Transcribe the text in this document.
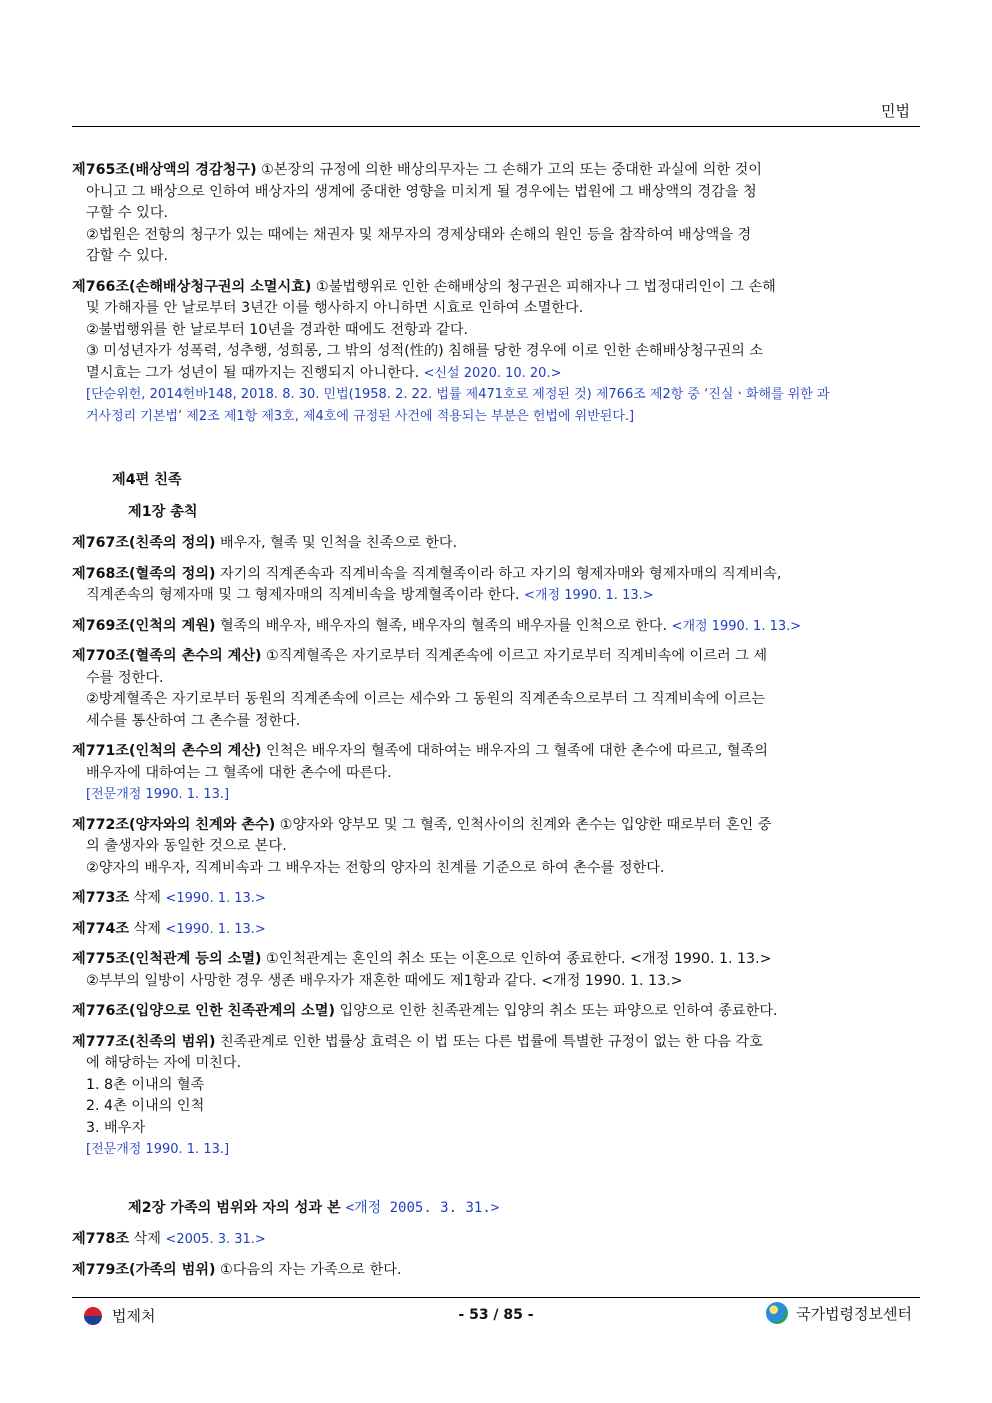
민법
제765조(배상액의 경감청구) ①본장의 규정에 의한 배상의무자는 그 손해가 고의 또는 중대한 과실에 의한 것이
아니고 그 배상으로 인하여 배상자의 생계에 중대한 영향을 미치게 될 경우에는 법원에 그 배상액의 경감을 청
구할 수 있다.
②법원은 전항의 청구가 있는 때에는 채권자 및 채무자의 경제상태와 손해의 원인 등을 참작하여 배상액을 경
감할 수 있다.
제766조(손해배상청구권의 소멸시효) ①불법행위로 인한 손해배상의 청구권은 피해자나 그 법정대리인이 그 손해
및 가해자를 안 날로부터 3년간 이를 행사하지 아니하면 시효로 인하여 소멸한다.
②불법행위를 한 날로부터 10년을 경과한 때에도 전항과 같다.
③ 미성년자가 성폭력, 성추행, 성희롱, 그 밖의 성적(性的) 침해를 당한 경우에 이로 인한 손해배상청구권의 소
멸시효는 그가 성년이 될 때까지는 진행되지 아니한다. <신설 2020. 10. 20.>
[단순위헌, 2014헌바148, 2018. 8. 30. 민법(1958. 2. 22. 법률 제471호로 제정된 것) 제766조 제2항 중 ‘진실ㆍ화해를 위한 과
거사정리 기본법’ 제2조 제1항 제3호, 제4호에 규정된 사건에 적용되는 부분은 헌법에 위반된다.]
제4편 친족
제1장 총칙
제767조(친족의 정의) 배우자, 혈족 및 인척을 친족으로 한다.
제768조(혈족의 정의) 자기의 직계존속과 직계비속을 직계혈족이라 하고 자기의 형제자매와 형제자매의 직계비속,
직계존속의 형제자매 및 그 형제자매의 직계비속을 방계혈족이라 한다. <개정 1990. 1. 13.>
제769조(인척의 계원) 혈족의 배우자, 배우자의 혈족, 배우자의 혈족의 배우자를 인척으로 한다. <개정 1990. 1. 13.>
제770조(혈족의 촌수의 계산) ①직계혈족은 자기로부터 직계존속에 이르고 자기로부터 직계비속에 이르러 그 세
수를 정한다.
②방계혈족은 자기로부터 동원의 직계존속에 이르는 세수와 그 동원의 직계존속으로부터 그 직계비속에 이르는
세수를 통산하여 그 촌수를 정한다.
제771조(인척의 촌수의 계산) 인척은 배우자의 혈족에 대하여는 배우자의 그 혈족에 대한 촌수에 따르고, 혈족의
배우자에 대하여는 그 혈족에 대한 촌수에 따른다.
[전문개정 1990. 1. 13.]
제772조(양자와의 친계와 촌수) ①양자와 양부모 및 그 혈족, 인척사이의 친계와 촌수는 입양한 때로부터 혼인 중
의 출생자와 동일한 것으로 본다.
②양자의 배우자, 직계비속과 그 배우자는 전항의 양자의 친계를 기준으로 하여 촌수를 정한다.
제773조 삭제 <1990. 1. 13.>
제774조 삭제 <1990. 1. 13.>
제775조(인척관계 등의 소멸) ①인척관계는 혼인의 취소 또는 이혼으로 인하여 종료한다. <개정 1990. 1. 13.>
②부부의 일방이 사망한 경우 생존 배우자가 재혼한 때에도 제1항과 같다. <개정 1990. 1. 13.>
제776조(입양으로 인한 친족관계의 소멸) 입양으로 인한 친족관계는 입양의 취소 또는 파양으로 인하여 종료한다.
제777조(친족의 범위) 친족관계로 인한 법률상 효력은 이 법 또는 다른 법률에 특별한 규정이 없는 한 다음 각호
에 해당하는 자에 미친다.
1. 8촌 이내의 혈족
2. 4촌 이내의 인척
3. 배우자
[전문개정 1990. 1. 13.]
제2장 가족의 범위와 자의 성과 본 <개정 2005. 3. 31.>
제778조 삭제 <2005. 3. 31.>
제779조(가족의 범위) ①다음의 자는 가족으로 한다.
법제처	- 53 / 85 -	국가법령정보센터
